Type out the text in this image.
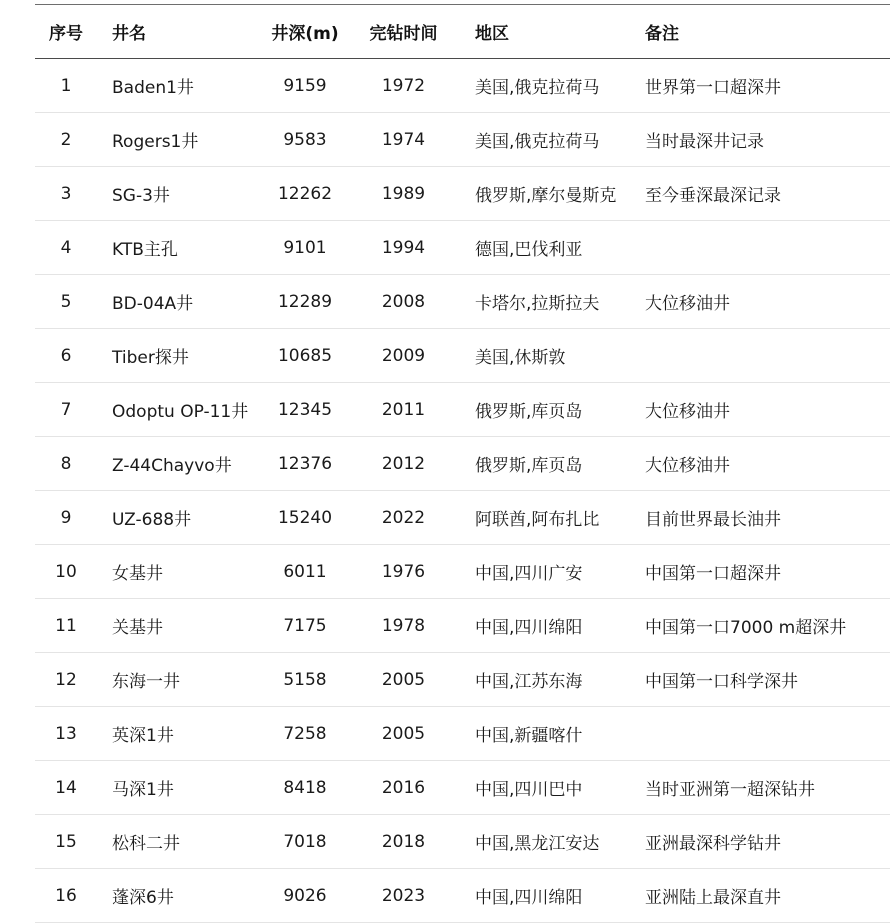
序号	井名	井深(m)	完钻时间	地区	备注
1	Baden1井	9159	1972	美国,俄克拉荷马	世界第一口超深井
2	Rogers1井	9583	1974	美国,俄克拉荷马	当时最深井记录
3	SG-3井	12262	1989	俄罗斯,摩尔曼斯克	至今垂深最深记录
4	KTB主孔	9101	1994	德国,巴伐利亚	
5	BD-04A井	12289	2008	卡塔尔,拉斯拉夫	大位移油井
6	Tiber探井	10685	2009	美国,休斯敦	
7	Odoptu OP-11井	12345	2011	俄罗斯,库页岛	大位移油井
8	Z-44Chayvo井	12376	2012	俄罗斯,库页岛	大位移油井
9	UZ-688井	15240	2022	阿联酋,阿布扎比	目前世界最长油井
10	女基井	6011	1976	中国,四川广安	中国第一口超深井
11	关基井	7175	1978	中国,四川绵阳	中国第一口7000 m超深井
12	东海一井	5158	2005	中国,江苏东海	中国第一口科学深井
13	英深1井	7258	2005	中国,新疆喀什	
14	马深1井	8418	2016	中国,四川巴中	当时亚洲第一超深钻井
15	松科二井	7018	2018	中国,黑龙江安达	亚洲最深科学钻井
16	蓬深6井	9026	2023	中国,四川绵阳	亚洲陆上最深直井
